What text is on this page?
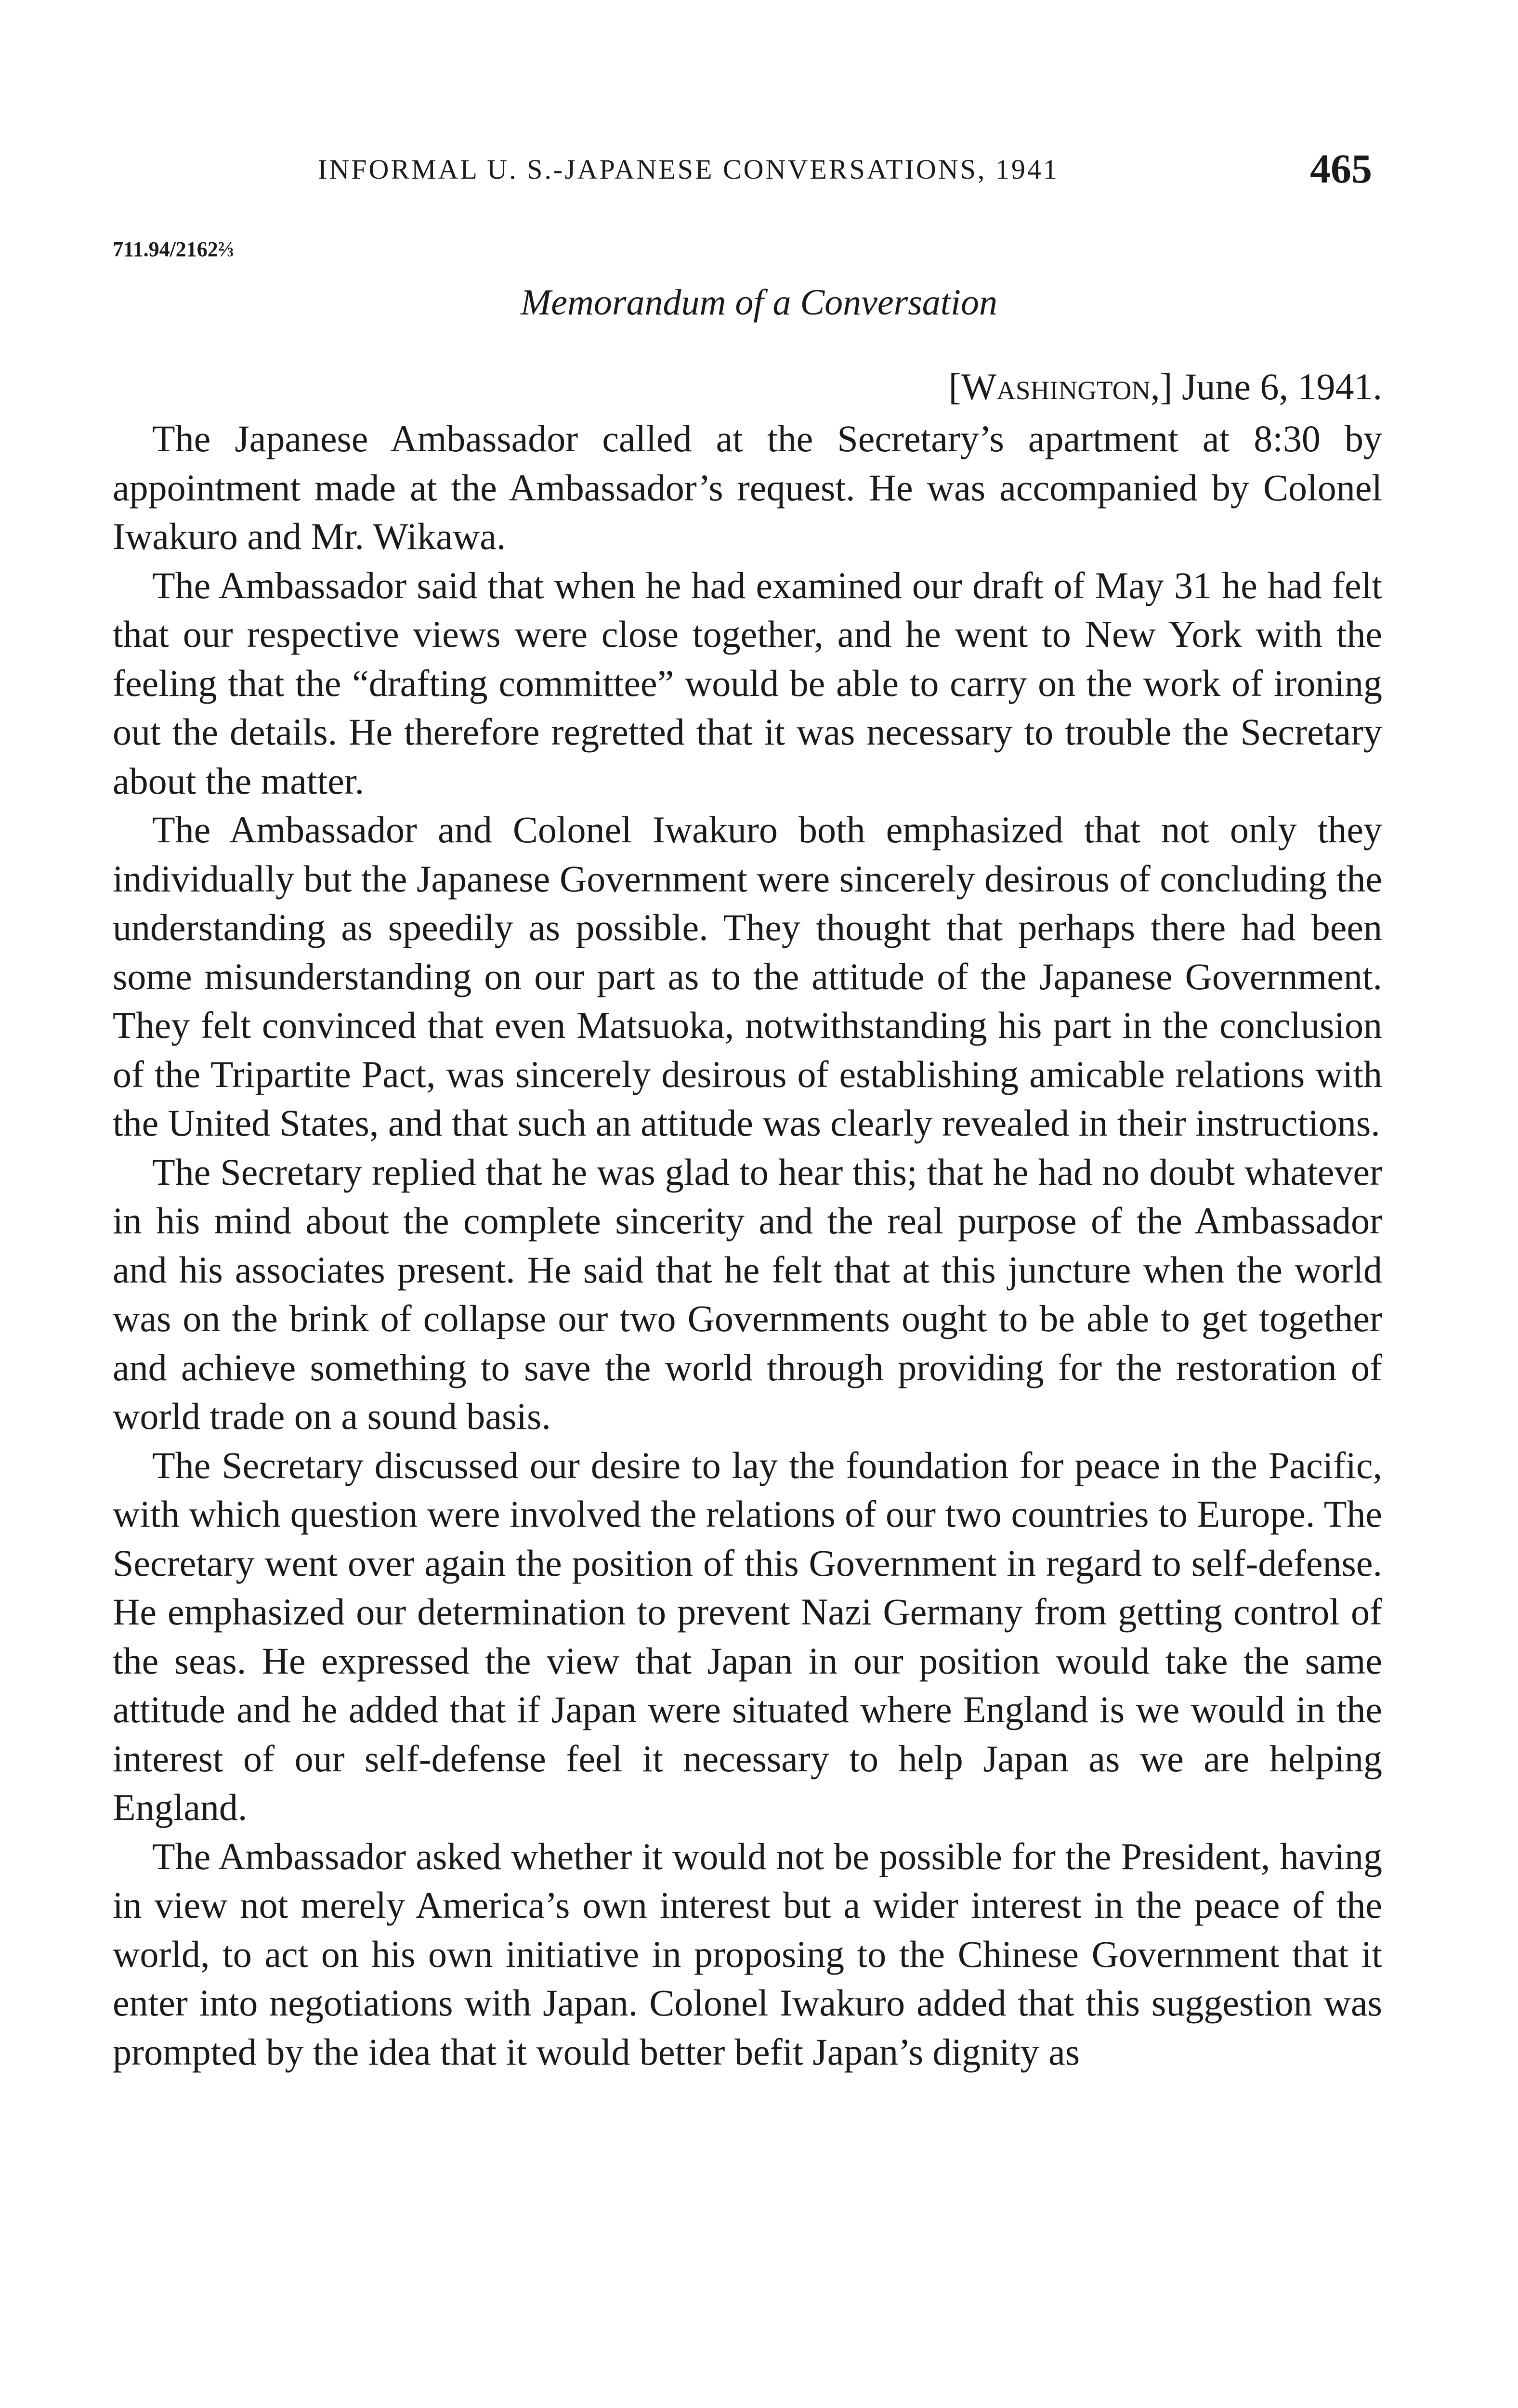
INFORMAL U. S.-JAPANESE CONVERSATIONS, 1941	465
711.94/2162⅔
Memorandum of a Conversation
[Washington,] June 6, 1941.

The Japanese Ambassador called at the Secretary’s apartment at 8:30 by appointment made at the Ambassador’s request. He was accompanied by Colonel Iwakuro and Mr. Wikawa.

The Ambassador said that when he had examined our draft of May 31 he had felt that our respective views were close together, and he went to New York with the feeling that the “drafting committee” would be able to carry on the work of ironing out the details. He therefore regretted that it was necessary to trouble the Secretary about the matter.

The Ambassador and Colonel Iwakuro both emphasized that not only they individually but the Japanese Government were sincerely desirous of concluding the understanding as speedily as possible. They thought that perhaps there had been some misunderstanding on our part as to the attitude of the Japanese Government. They felt convinced that even Matsuoka, notwithstanding his part in the conclusion of the Tripartite Pact, was sincerely desirous of establishing amicable relations with the United States, and that such an attitude was clearly revealed in their instructions.

The Secretary replied that he was glad to hear this; that he had no doubt whatever in his mind about the complete sincerity and the real purpose of the Ambassador and his associates present. He said that he felt that at this juncture when the world was on the brink of collapse our two Governments ought to be able to get together and achieve something to save the world through providing for the restoration of world trade on a sound basis.

The Secretary discussed our desire to lay the foundation for peace in the Pacific, with which question were involved the relations of our two countries to Europe. The Secretary went over again the position of this Government in regard to self-defense. He emphasized our determination to prevent Nazi Germany from getting control of the seas. He expressed the view that Japan in our position would take the same attitude and he added that if Japan were situated where England is we would in the interest of our self-defense feel it necessary to help Japan as we are helping England.

The Ambassador asked whether it would not be possible for the President, having in view not merely America’s own interest but a wider interest in the peace of the world, to act on his own initiative in proposing to the Chinese Government that it enter into negotiations with Japan. Colonel Iwakuro added that this suggestion was prompted by the idea that it would better befit Japan’s dignity as
